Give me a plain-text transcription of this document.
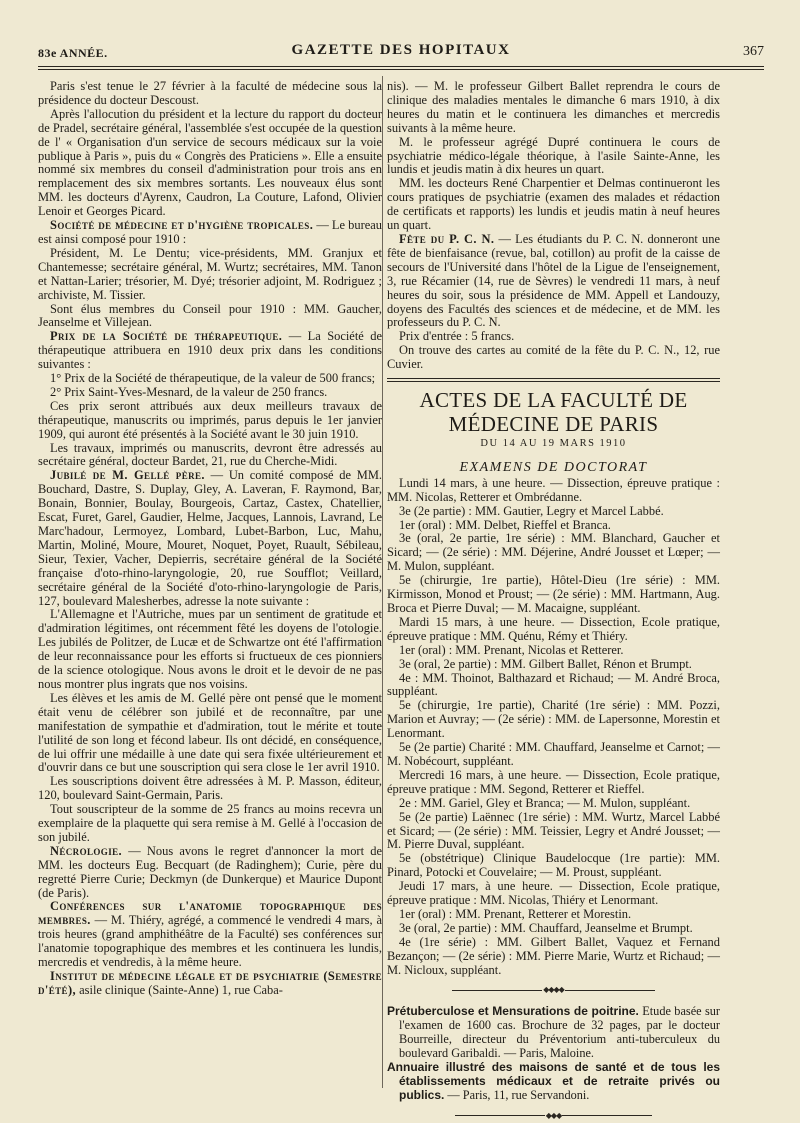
83e ANNÉE.	GAZETTE DES HOPITAUX	367

Paris s'est tenue le 27 février à la faculté de médecine sous la présidence du docteur Descoust.

Après l'allocution du président et la lecture du rapport du docteur de Pradel, secrétaire général, l'assemblée s'est occupée de la question de l' « Organisation d'un service de secours médicaux sur la voie publique à Paris », puis du « Congrès des Praticiens ». Elle a ensuite nommé six membres du conseil d'administration pour trois ans en remplacement des six membres sortants. Les nouveaux élus sont MM. les docteurs d'Ayrenx, Caudron, La Couture, Lafond, Olivier Lenoir et Georges Picard.

Société de médecine et d'hygiène tropicales. — Le bureau est ainsi composé pour 1910 :

Président, M. Le Dentu; vice-présidents, MM. Granjux et Chantemesse; secrétaire général, M. Wurtz; secrétaires, MM. Tanon et Nattan-Larier; trésorier, M. Dyé; trésorier adjoint, M. Rodriguez ; archiviste, M. Tissier.

Sont élus membres du Conseil pour 1910 : MM. Gaucher, Jeanselme et Villejean.

Prix de la Société de thérapeutique. — La Société de thérapeutique attribuera en 1910 deux prix dans les conditions suivantes :

1° Prix de la Société de thérapeutique, de la valeur de 500 francs;

2° Prix Saint-Yves-Mesnard, de la valeur de 250 francs.

Ces prix seront attribués aux deux meilleurs travaux de thérapeutique, manuscrits ou imprimés, parus depuis le 1er janvier 1909, qui auront été présentés à la Société avant le 30 juin 1910.

Les travaux, imprimés ou manuscrits, devront être adressés au secrétaire général, docteur Bardet, 21, rue du Cherche-Midi.

Jubilé de M. Gellé père. — Un comité composé de MM. Bouchard, Dastre, S. Duplay, Gley, A. Laveran, F. Raymond, Bar, Bonain, Bonnier, Boulay, Bourgeois, Cartaz, Castex, Chatellier, Escat, Furet, Garel, Gaudier, Helme, Jacques, Lannois, Lavrand, Le Marc'hadour, Lermoyez, Lombard, Lubet-Barbon, Luc, Mahu, Martin, Moliné, Moure, Mouret, Noquet, Poyet, Ruault, Sébileau, Sieur, Texier, Vacher, Depierris, secrétaire général de la Société française d'oto-rhino-laryngologie, 20, rue Soufflot; Veillard, secrétaire général de la Société d'oto-rhino-laryngologie de Paris, 127, boulevard Malesherbes, adresse la note suivante :

L'Allemagne et l'Autriche, mues par un sentiment de gratitude et d'admiration légitimes, ont récemment fêté les doyens de l'otologie. Les jubilés de Politzer, de Lucæ et de Schwartze ont été l'affirmation de leur reconnaissance pour les efforts si fructueux de ces pionniers de la science otologique. Nous avons le droit et le devoir de ne pas nous montrer plus ingrats que nos voisins.

Les élèves et les amis de M. Gellé père ont pensé que le moment était venu de célébrer son jubilé et de reconnaître, par une manifestation de sympathie et d'admiration, tout le mérite et toute l'utilité de son long et fécond labeur. Ils ont décidé, en conséquence, de lui offrir une médaille à une date qui sera fixée ultérieurement et d'ouvrir dans ce but une souscription qui sera close le 1er avril 1910.

Les souscriptions doivent être adressées à M. P. Masson, éditeur, 120, boulevard Saint-Germain, Paris.

Tout souscripteur de la somme de 25 francs au moins recevra un exemplaire de la plaquette qui sera remise à M. Gellé à l'occasion de son jubilé.

Nécrologie. — Nous avons le regret d'annoncer la mort de MM. les docteurs Eug. Becquart (de Radinghem); Curie, père du regretté Pierre Curie; Deckmyn (de Dunkerque) et Maurice Dupont (de Paris).

Conférences sur l'anatomie topographique des membres. — M. Thiéry, agrégé, a commencé le vendredi 4 mars, à trois heures (grand amphithéâtre de la Faculté) ses conférences sur l'anatomie topographique des membres et les continuera les lundis, mercredis et vendredis, à la même heure.

Institut de médecine légale et de psychiatrie (Semestre d'été), asile clinique (Sainte-Anne) 1, rue Caba-

nis). — M. le professeur Gilbert Ballet reprendra le cours de clinique des maladies mentales le dimanche 6 mars 1910, à dix heures du matin et le continuera les dimanches et mercredis suivants à la même heure.

M. le professeur agrégé Dupré continuera le cours de psychiatrie médico-légale théorique, à l'asile Sainte-Anne, les lundis et jeudis matin à dix heures un quart.

MM. les docteurs René Charpentier et Delmas continueront les cours pratiques de psychiatrie (examen des malades et rédaction de certificats et rapports) les lundis et jeudis matin à neuf heures un quart.

Fête du P. C. N. — Les étudiants du P. C. N. donneront une fête de bienfaisance (revue, bal, cotillon) au profit de la caisse de secours de l'Université dans l'hôtel de la Ligue de l'enseignement, 3, rue Récamier (14, rue de Sèvres) le vendredi 11 mars, à neuf heures du soir, sous la présidence de MM. Appell et Landouzy, doyens des Facultés des sciences et de médecine, et de MM. les professeurs du P. C. N.

Prix d'entrée : 5 francs.

On trouve des cartes au comité de la fête du P. C. N., 12, rue Cuvier.

ACTES DE LA FACULTÉ DE MÉDECINE DE PARIS
DU 14 AU 19 MARS 1910
EXAMENS DE DOCTORAT

Lundi 14 mars, à une heure. — Dissection, épreuve pratique : MM. Nicolas, Retterer et Ombrédanne.

3e (2e partie) : MM. Gautier, Legry et Marcel Labbé.

1er (oral) : MM. Delbet, Rieffel et Branca.

3e (oral, 2e partie, 1re série) : MM. Blanchard, Gaucher et Sicard; — (2e série) : MM. Déjerine, André Jousset et Lœper; — M. Mulon, suppléant.

5e (chirurgie, 1re partie), Hôtel-Dieu (1re série) : MM. Kirmisson, Monod et Proust; — (2e série) : MM. Hartmann, Aug. Broca et Pierre Duval; — M. Macaigne, suppléant.

Mardi 15 mars, à une heure. — Dissection, Ecole pratique, épreuve pratique : MM. Quénu, Rémy et Thiéry.

1er (oral) : MM. Prenant, Nicolas et Retterer.

3e (oral, 2e partie) : MM. Gilbert Ballet, Rénon et Brumpt.

4e : MM. Thoinot, Balthazard et Richaud; — M. André Broca, suppléant.

5e (chirurgie, 1re partie), Charité (1re série) : MM. Pozzi, Marion et Auvray; — (2e série) : MM. de Lapersonne, Morestin et Lenormant.

5e (2e partie) Charité : MM. Chauffard, Jeanselme et Carnot; — M. Nobécourt, suppléant.

Mercredi 16 mars, à une heure. — Dissection, Ecole pratique, épreuve pratique : MM. Segond, Retterer et Rieffel.

2e : MM. Gariel, Gley et Branca; — M. Mulon, suppléant.

5e (2e partie) Laënnec (1re série) : MM. Wurtz, Marcel Labbé et Sicard; — (2e série) : MM. Teissier, Legry et André Jousset; — M. Pierre Duval, suppléant.

5e (obstétrique) Clinique Baudelocque (1re partie): MM. Pinard, Potocki et Couvelaire; — M. Proust, suppléant.

Jeudi 17 mars, à une heure. — Dissection, Ecole pratique, épreuve pratique : MM. Nicolas, Thiéry et Lenormant.

1er (oral) : MM. Prenant, Retterer et Morestin.

3e (oral, 2e partie) : MM. Chauffard, Jeanselme et Brumpt.

4e (1re série) : MM. Gilbert Ballet, Vaquez et Fernand Bezançon; — (2e série) : MM. Pierre Marie, Wurtz et Richaud; — M. Nicloux, suppléant.

◆◆◆◆

Prétuberculose et Mensurations de poitrine. Etude basée sur l'examen de 1600 cas. Brochure de 32 pages, par le docteur Bourreille, directeur du Préventorium anti-tuberculeux du boulevard Garibaldi. — Paris, Maloine.

Annuaire illustré des maisons de santé et de tous les établissements médicaux et de retraite privés ou publics. — Paris, 11, rue Servandoni.

◆◆◆
